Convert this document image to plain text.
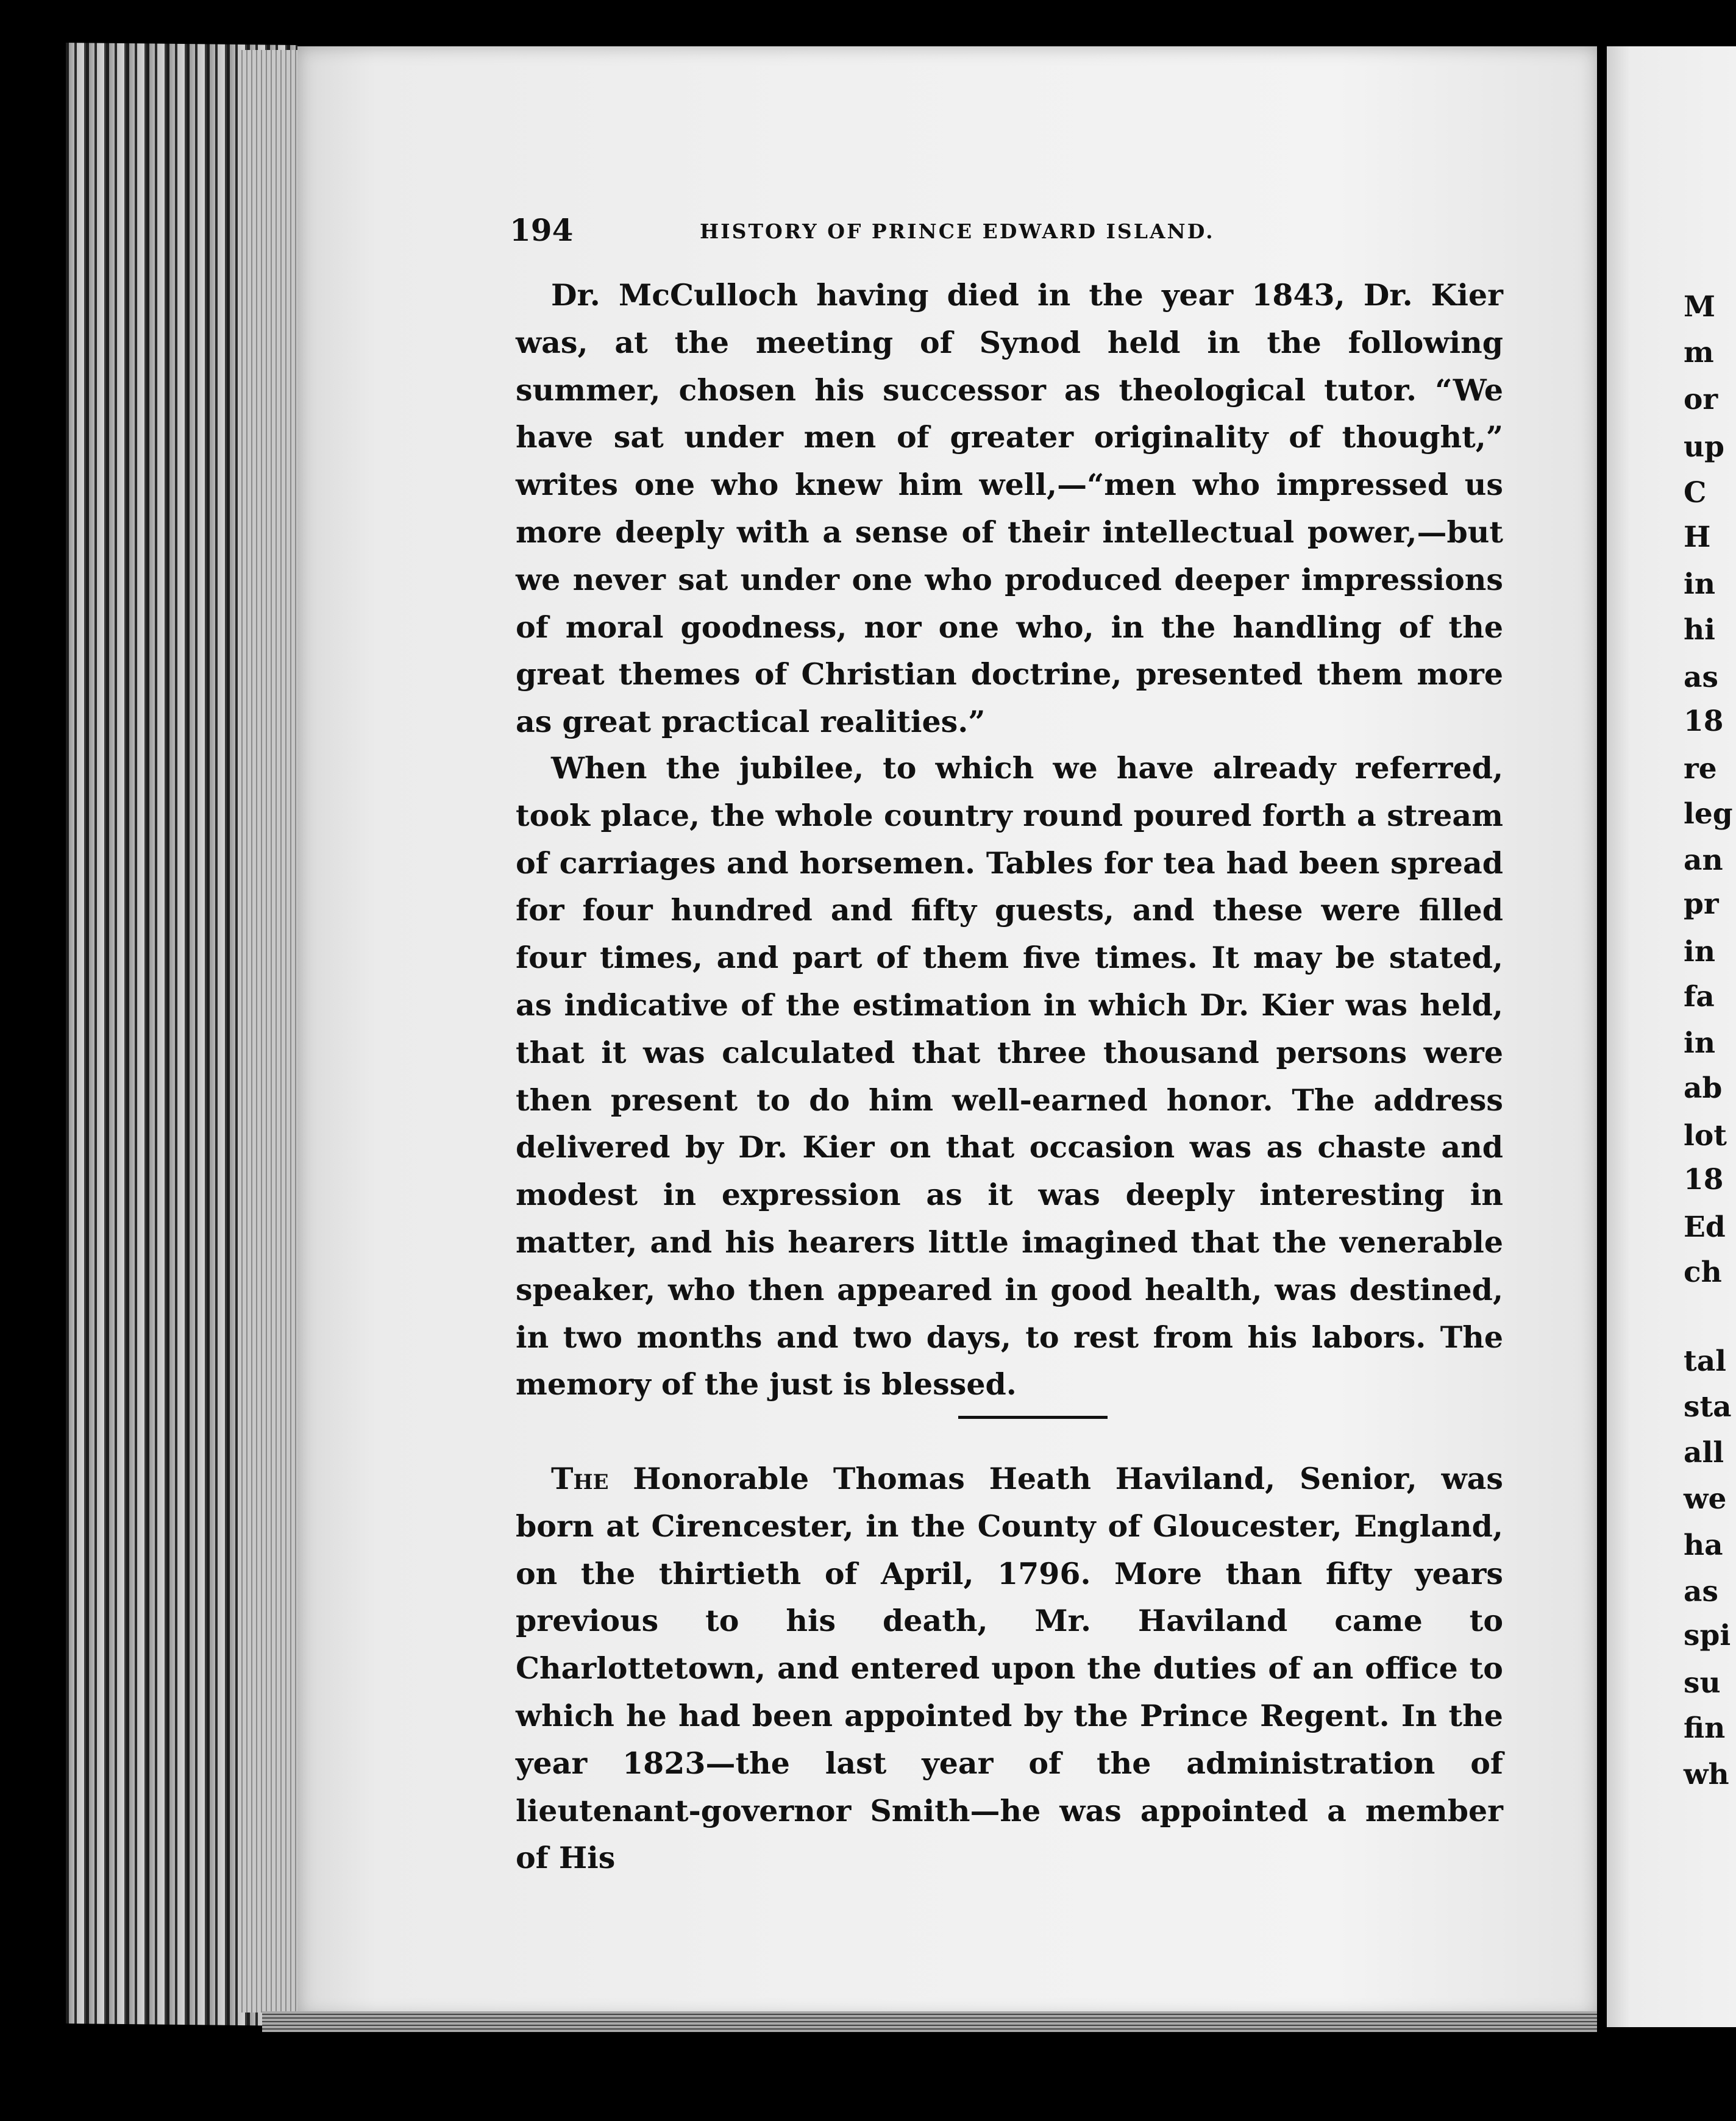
194	HISTORY OF PRINCE EDWARD ISLAND.

Dr. McCulloch having died in the year 1843, Dr. Kier was, at the meeting of Synod held in the following summer, chosen his successor as theological tutor. “We have sat under men of greater originality of thought,” writes one who knew him well,—“men who impressed us more deeply with a sense of their intellectual power,—but we never sat under one who produced deeper impressions of moral goodness, nor one who, in the handling of the great themes of Christian doctrine, presented them more as great practical realities.”

When the jubilee, to which we have already referred, took place, the whole country round poured forth a stream of carriages and horsemen. Tables for tea had been spread for four hundred and fifty guests, and these were filled four times, and part of them five times. It may be stated, as indicative of the estimation in which Dr. Kier was held, that it was calculated that three thousand persons were then present to do him well-earned honor. The address delivered by Dr. Kier on that occasion was as chaste and modest in expression as it was deeply interesting in matter, and his hearers little imagined that the venerable speaker, who then appeared in good health, was destined, in two months and two days, to rest from his labors. The memory of the just is blessed.

The Honorable Thomas Heath Haviland, Senior, was born at Cirencester, in the County of Gloucester, England, on the thirtieth of April, 1796. More than fifty years previous to his death, Mr. Haviland came to Charlottetown, and entered upon the duties of an office to which he had been appointed by the Prince Regent. In the year 1823—the last year of the administration of lieutenant-governor Smith—he was appointed a member of His

M
m
or
up
C
H
in
hi
as
18
re
leg
an
pr
in
fa
in
ab
lot
18
Ed
ch
tal
sta
all
we
ha
as
spi
su
fin
wh
